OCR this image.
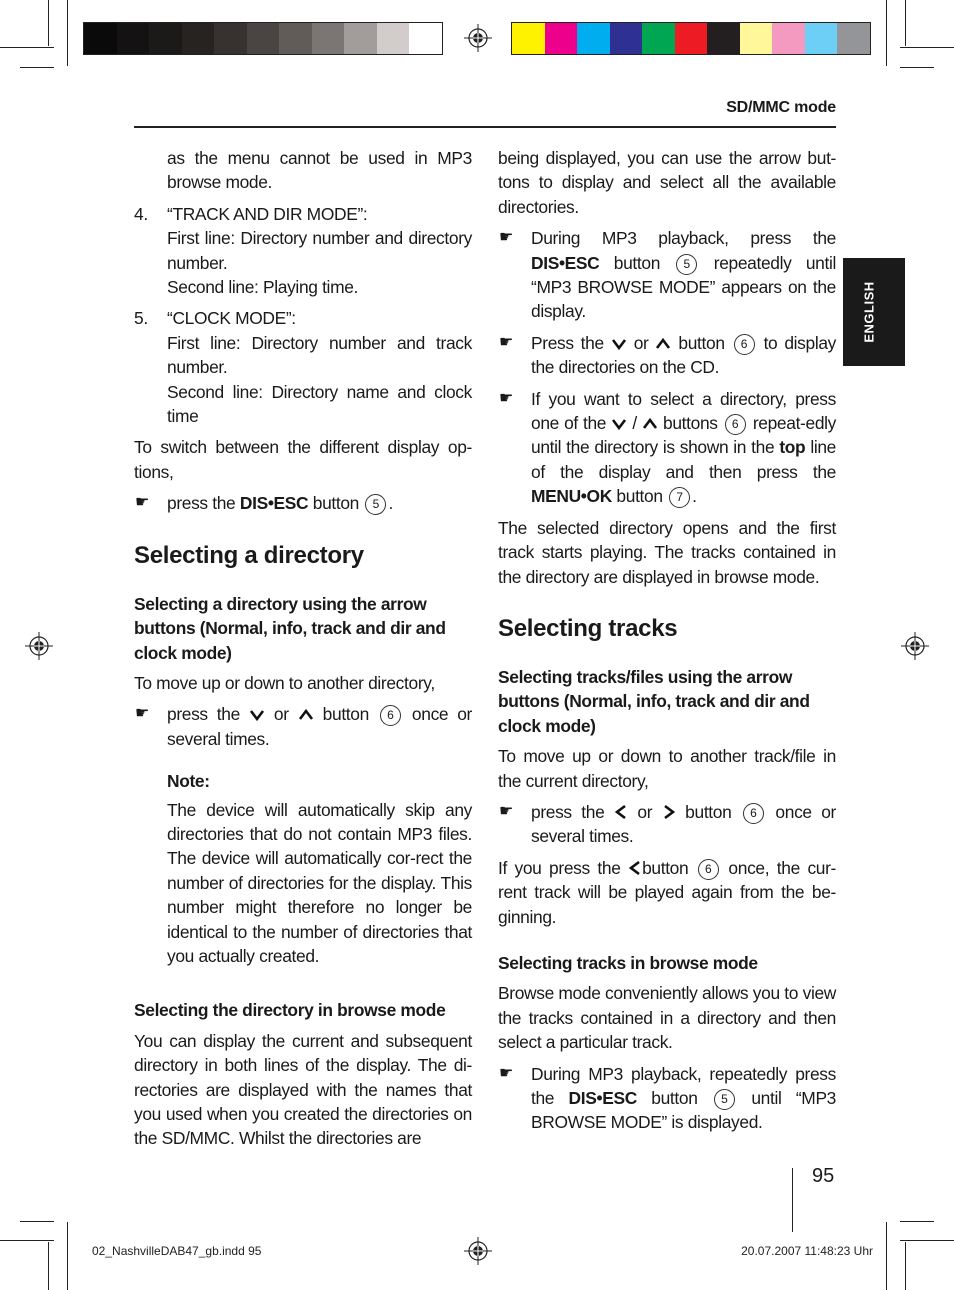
SD/MMC mode
ENGLISH

as the menu cannot be used in MP3 browse mode.

4. “TRACK AND DIR MODE”:

First line: Directory number and directory number.

Second line: Playing time.

5. “CLOCK MODE”:

First line: Directory number and track number.

Second line: Directory name and clock time

To switch between the different display op-tions,

☛ press the DIS•ESC button 5 .
Selecting a directory
Selecting a directory using the arrow buttons (Normal, info, track and dir and clock mode)

To move up or down to another directory,

☛ press the  or  button 6 once or several times.

Note:

The device will automatically skip any directories that do not contain MP3 files. The device will automatically cor-rect the number of directories for the display. This number might therefore no longer be identical to the number of directories that you actually created.

Selecting the directory in browse mode

You can display the current and subsequent directory in both lines of the display. The di-rectories are displayed with the names that you used when you created the directories on the SD/MMC. Whilst the directories are

being displayed, you can use the arrow but-tons to display and select all the available directories.

☛ During MP3 playback, press the DIS•ESC button 5 repeatedly until “MP3 BROWSE MODE” appears on the display.

☛ Press the  or  button 6 to display the directories on the CD.

☛ If you want to select a directory, press one of the  /  buttons 6 repeat-edly until the directory is shown in the top line of the display and then press the MENU•OK button 7 .

The selected directory opens and the first track starts playing. The tracks contained in the directory are displayed in browse mode.

Selecting tracks
Selecting tracks/files using the arrow buttons (Normal, info, track and dir and clock mode)

To move up or down to another track/file in the current directory,

☛ press the  or  button 6 once or several times.

If you press the button 6 once, the cur-rent track will be played again from the be-ginning.

Selecting tracks in browse mode

Browse mode conveniently allows you to view the tracks contained in a directory and then select a particular track.

☛ During MP3 playback, repeatedly press the DIS•ESC button 5 until “MP3 BROWSE MODE” is displayed.

95
02_NashvilleDAB47_gb.indd 95	20.07.2007 11:48:23 Uhr
